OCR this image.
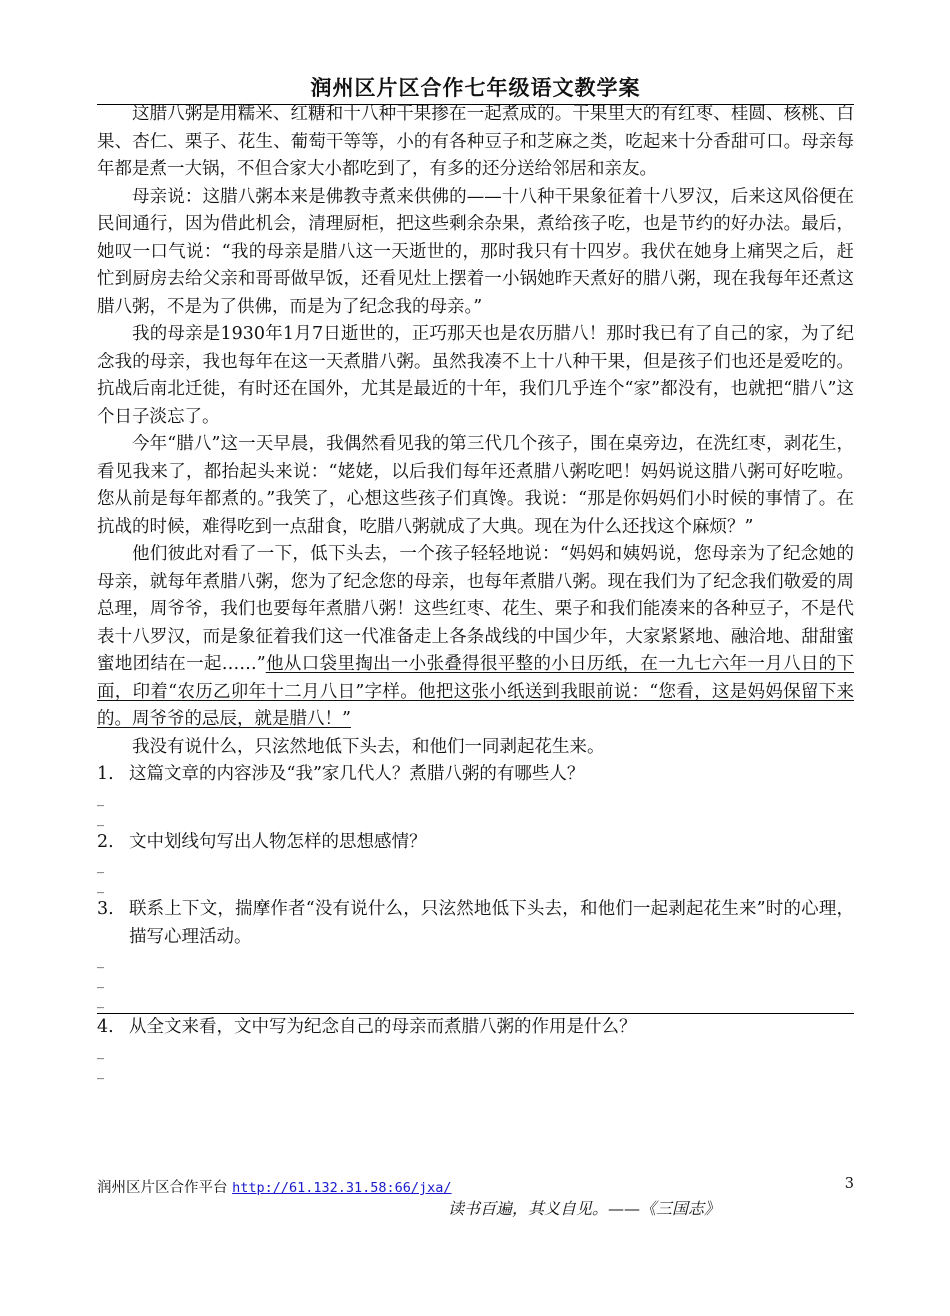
润州区片区合作七年级语文教学案

这腊八粥是用糯米、红糖和十八种干果掺在一起煮成的。干果里大的有红枣、桂圆、核桃、白果、杏仁、栗子、花生、葡萄干等等，小的有各种豆子和芝麻之类，吃起来十分香甜可口。母亲每年都是煮一大锅，不但合家大小都吃到了，有多的还分送给邻居和亲友。

母亲说：这腊八粥本来是佛教寺煮来供佛的——十八种干果象征着十八罗汉，后来这风俗便在民间通行，因为借此机会，清理厨柜，把这些剩余杂果，煮给孩子吃，也是节约的好办法。最后，她叹一口气说：“我的母亲是腊八这一天逝世的，那时我只有十四岁。我伏在她身上痛哭之后，赶忙到厨房去给父亲和哥哥做早饭，还看见灶上摆着一小锅她昨天煮好的腊八粥，现在我每年还煮这腊八粥，不是为了供佛，而是为了纪念我的母亲。”

我的母亲是1930年1月7日逝世的，正巧那天也是农历腊八！那时我已有了自己的家，为了纪念我的母亲，我也每年在这一天煮腊八粥。虽然我凑不上十八种干果，但是孩子们也还是爱吃的。抗战后南北迁徙，有时还在国外，尤其是最近的十年，我们几乎连个“家”都没有，也就把“腊八”这个日子淡忘了。

今年“腊八”这一天早晨，我偶然看见我的第三代几个孩子，围在桌旁边，在洗红枣，剥花生，看见我来了，都抬起头来说：“姥姥，以后我们每年还煮腊八粥吃吧！妈妈说这腊八粥可好吃啦。您从前是每年都煮的。”我笑了，心想这些孩子们真馋。我说：“那是你妈妈们小时候的事情了。在抗战的时候，难得吃到一点甜食，吃腊八粥就成了大典。现在为什么还找这个麻烦？”

他们彼此对看了一下，低下头去，一个孩子轻轻地说：“妈妈和姨妈说，您母亲为了纪念她的母亲，就每年煮腊八粥，您为了纪念您的母亲，也每年煮腊八粥。现在我们为了纪念我们敬爱的周总理，周爷爷，我们也要每年煮腊八粥！这些红枣、花生、栗子和我们能凑来的各种豆子，不是代表十八罗汉，而是象征着我们这一代准备走上各条战线的中国少年，大家紧紧地、融洽地、甜甜蜜蜜地团结在一起……”他从口袋里掏出一小张叠得很平整的小日历纸，在一九七六年一月八日的下面，印着“农历乙卯年十二月八日”字样。他把这张小纸送到我眼前说：“您看，这是妈妈保留下来的。周爷爷的忌辰，就是腊八！”

我没有说什么，只泫然地低下头去，和他们一同剥起花生来。

1. 这篇文章的内容涉及“我”家几代人？煮腊八粥的有哪些人？
_
_
2. 文中划线句写出人物怎样的思想感情？
_
_
3. 联系上下文，揣摩作者“没有说什么，只泫然地低下头去，和他们一起剥起花生来”时的心理，描写心理活动。
_
_
_
4. 从全文来看，文中写为纪念自己的母亲而煮腊八粥的作用是什么？
_
_
润州区片区合作平台 http://61.132.31.58:66/jxa/	3
读书百遍，其义自见。——《三国志》
